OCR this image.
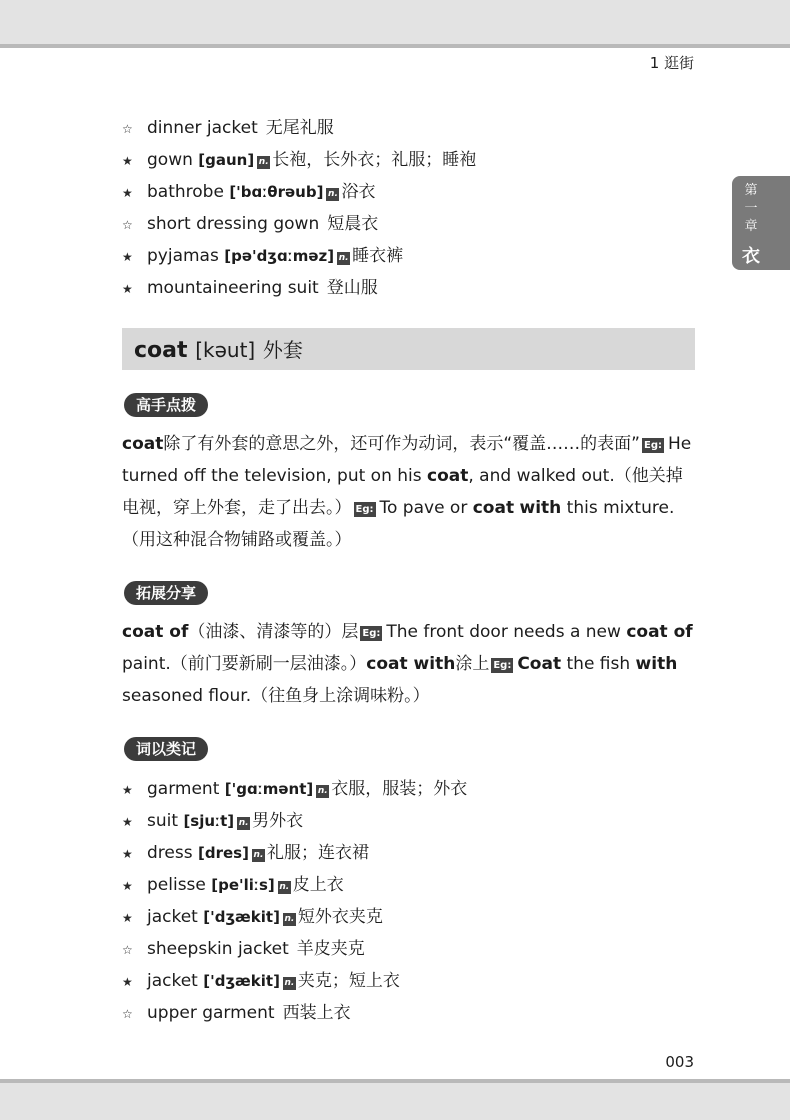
1 逛街
第
一
章
衣
☆ dinner jacket 无尾礼服
★ gown [gaun] n. 长袍，长外衣；礼服；睡袍
★ bathrobe ['bɑːθrəub] n. 浴衣
☆ short dressing gown 短晨衣
★ pyjamas [pə'dʒɑːməz] n. 睡衣裤
★ mountaineering suit 登山服
coat [kəut] 外套
高手点拨

coat除了有外套的意思之外，还可作为动词，表示“覆盖……的表面” Eg: He turned off the television, put on his coat, and walked out.（他关掉电视，穿上外套，走了出去。） Eg: To pave or coat with this mixture.（用这种混合物铺路或覆盖。）

拓展分享

coat of（油漆、清漆等的）层 Eg: The front door needs a new coat of paint.（前门要新刷一层油漆。）coat with涂上 Eg: Coat the fish with seasoned flour.（往鱼身上涂调味粉。）

词以类记
★ garment ['gɑːmənt] n. 衣服，服装；外衣
★ suit [sjuːt] n. 男外衣
★ dress [dres] n. 礼服；连衣裙
★ pelisse [pe'liːs] n. 皮上衣
★ jacket ['dʒækit] n. 短外衣夹克
☆ sheepskin jacket 羊皮夹克
★ jacket ['dʒækit] n. 夹克；短上衣
☆ upper garment 西装上衣
003
